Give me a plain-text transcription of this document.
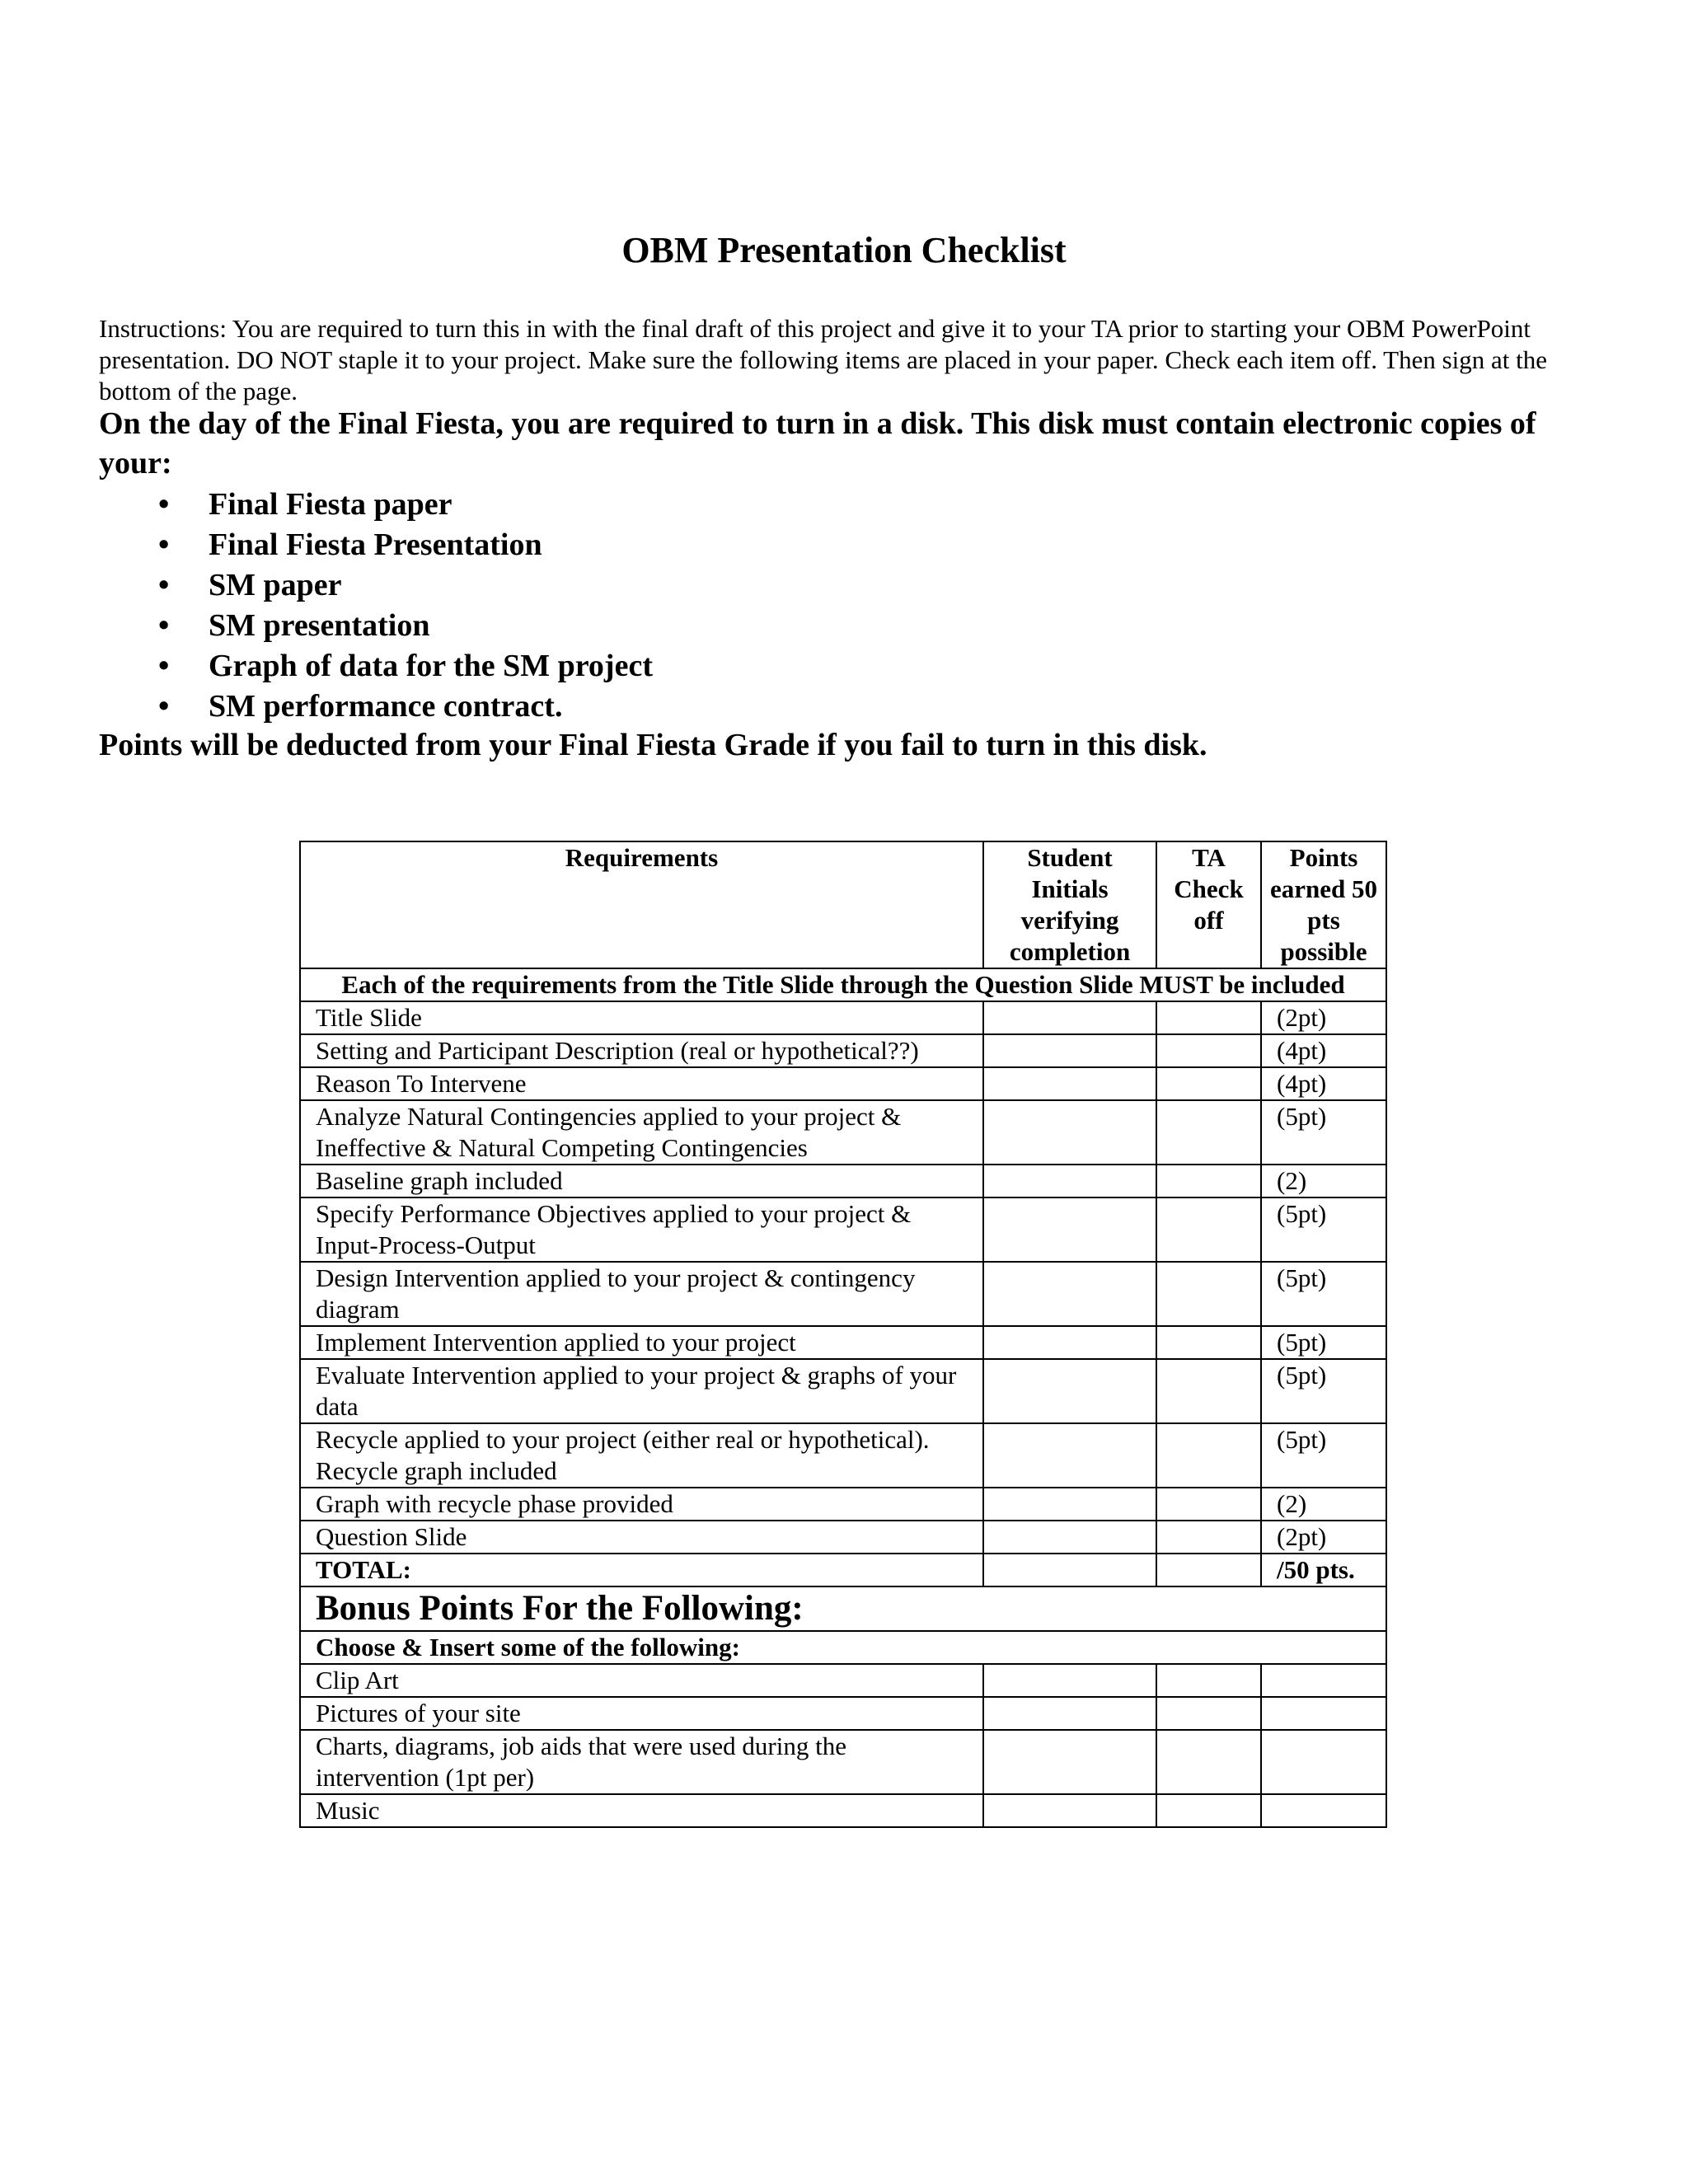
OBM Presentation Checklist
Instructions: You are required to turn this in with the final draft of this project and give it to your TA prior to starting your OBM PowerPoint presentation. DO NOT staple it to your project. Make sure the following items are placed in your paper. Check each item off. Then sign at the bottom of the page.
On the day of the Final Fiesta, you are required to turn in a disk. This disk must contain electronic copies of your:
• Final Fiesta paper
• Final Fiesta Presentation
• SM paper
• SM presentation
• Graph of data for the SM project
• SM performance contract.
Points will be deducted from your Final Fiesta Grade if you fail to turn in this disk.
Requirements	Student Initials verifying completion	TA Check off	Points earned 50 pts possible
Each of the requirements from the Title Slide through the Question Slide MUST be included			
Title Slide			(2pt)
Setting and Participant Description (real or hypothetical??)			(4pt)
Reason To Intervene			(4pt)
Analyze Natural Contingencies applied to your project & Ineffective & Natural Competing Contingencies			(5pt)
Baseline graph included			(2)
Specify Performance Objectives applied to your project & Input-Process-Output			(5pt)
Design Intervention applied to your project & contingency diagram			(5pt)
Implement Intervention applied to your project			(5pt)
Evaluate Intervention applied to your project & graphs of your data			(5pt)
Recycle applied to your project (either real or hypothetical). Recycle graph included			(5pt)
Graph with recycle phase provided			(2)
Question Slide			(2pt)
TOTAL:			/50 pts.
Bonus Points For the Following:			
Choose & Insert some of the following:			
Clip Art			
Pictures of your site			
Charts, diagrams, job aids that were used during the intervention (1pt per)			
Music			
